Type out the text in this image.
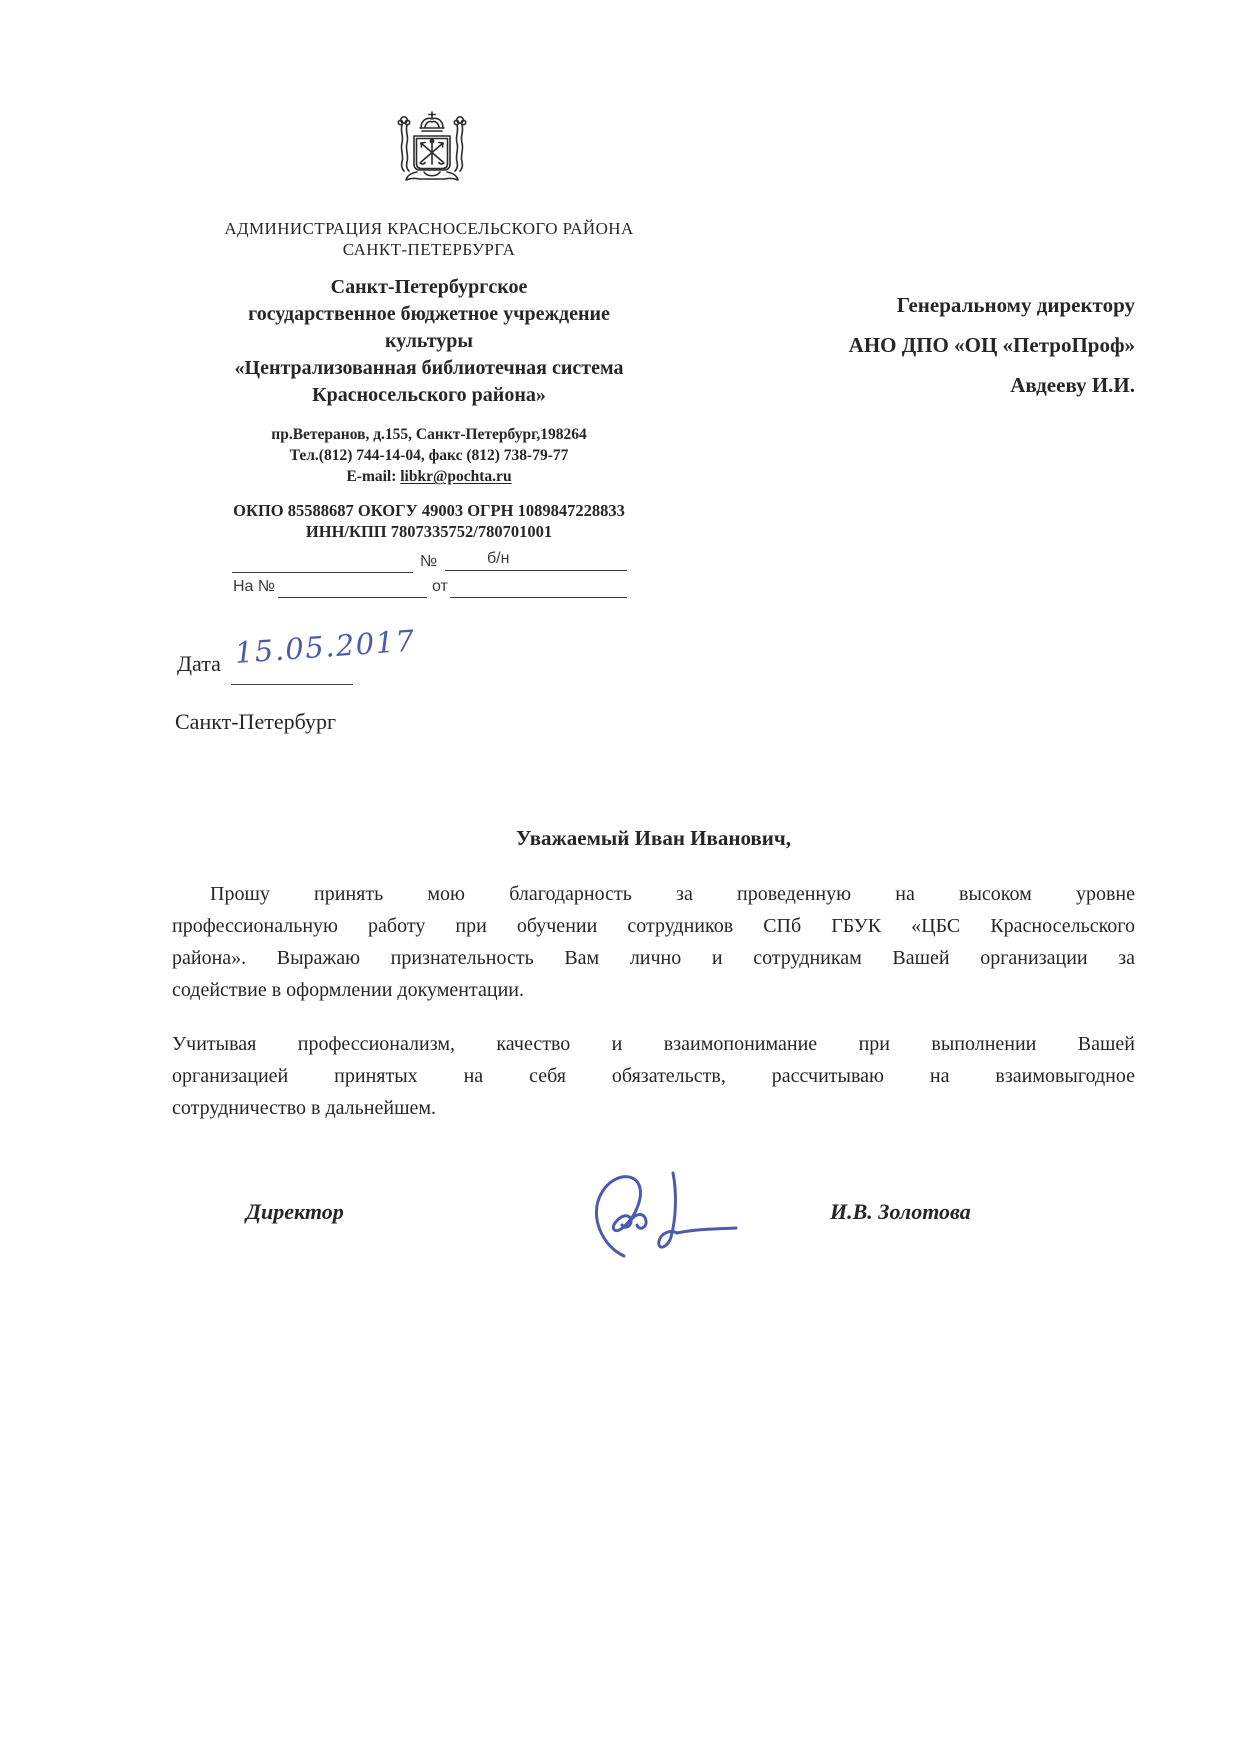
АДМИНИСТРАЦИЯ КРАСНОСЕЛЬСКОГО РАЙОНА
САНКТ-ПЕТЕРБУРГА
Санкт-Петербургское
государственное бюджетное учреждение
культуры
«Централизованная библиотечная система
Красносельского района»
Генеральному директору
АНО ДПО «ОЦ «ПетроПроф»
Авдееву И.И.
пр.Ветеранов, д.155, Санкт-Петербург,198264
Тел.(812) 744-14-04, факс (812) 738-79-77
E-mail: libkr@pochta.ru
ОКПО 85588687 ОКОГУ 49003 ОГРН 1089847228833
ИНН/КПП 7807335752/780701001
№	б/н
На №	от
Дата 15.05.2017
Санкт-Петербург
Уважаемый Иван Иванович,
Прошу принять мою благодарность за проведенную на высоком уровне
профессиональную работу при обучении сотрудников СПб ГБУК «ЦБС Красносельского
района». Выражаю признательность Вам лично и сотрудникам Вашей организации за
содействие в оформлении документации.
Учитывая профессионализм, качество и взаимопонимание при выполнении Вашей
организацией принятых на себя обязательств, рассчитываю на взаимовыгодное
сотрудничество в дальнейшем.
Директор	И.В. Золотова
